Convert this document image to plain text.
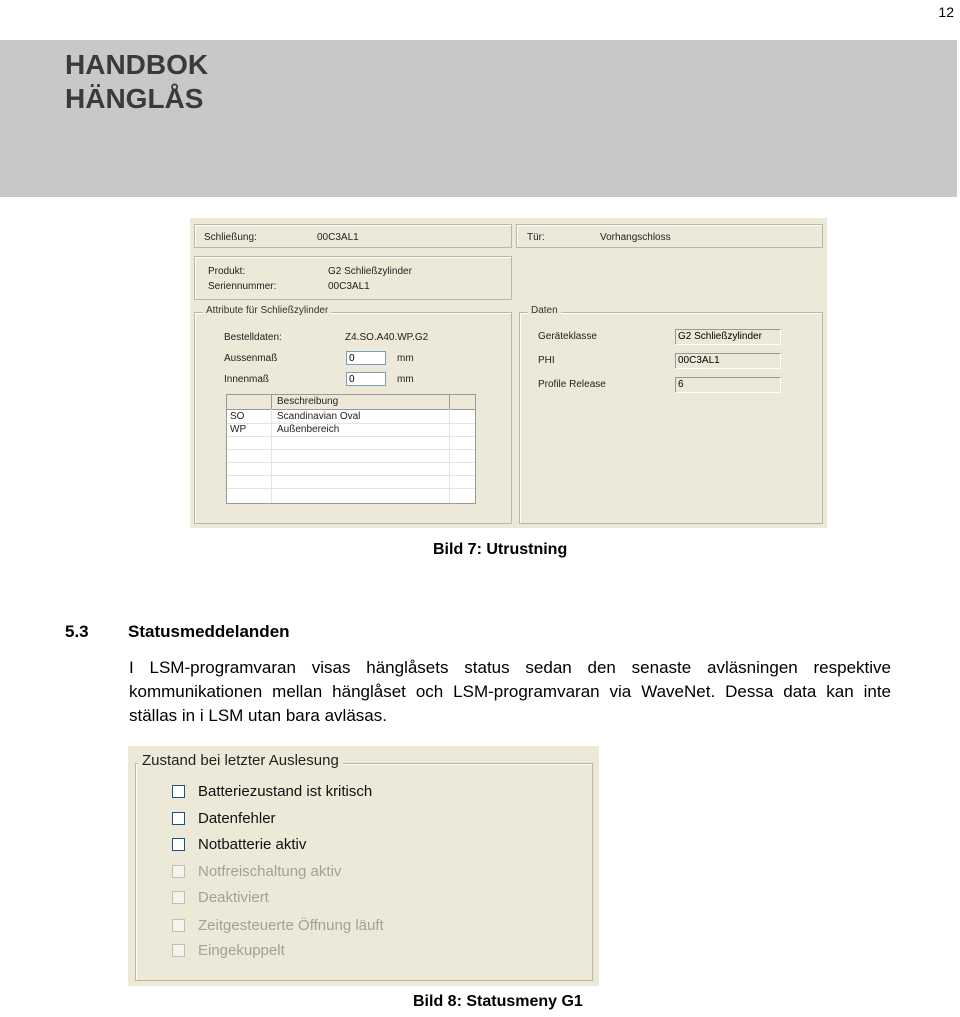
12
HANDBOK
HÄNGLÅS
Schließung:	00C3AL1	Tür:	Vorhangschloss
Produkt:	G2 Schließzylinder
Seriennummer:	00C3AL1
Attribute für Schließzylinder
Bestelldaten:	Z4.SO.A40.WP.G2
Aussenmaß	0	mm
Innenmaß	0	mm
Beschreibung
SO	Scandinavian Oval
WP	Außenbereich
Daten
Geräteklasse	G2 Schließzylinder
PHI	00C3AL1
Profile Release	6
Bild 7: Utrustning
5.3 Statusmeddelanden
I LSM-programvaran visas hänglåsets status sedan den senaste avläsningen respektive kommunikationen mellan hänglåset och LSM-programvaran via WaveNet. Dessa data kan inte ställas in i LSM utan bara avläsas.
Zustand bei letzter Auslesung
Batteriezustand ist kritisch
Datenfehler
Notbatterie aktiv
Notfreischaltung aktiv
Deaktiviert
Zeitgesteuerte Öffnung läuft
Eingekuppelt
Bild 8: Statusmeny G1
